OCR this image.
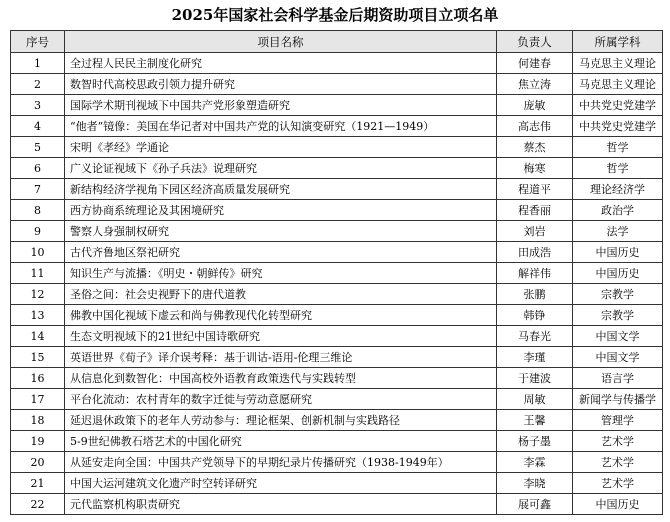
2025年国家社会科学基金后期资助项目立项名单
序号	项目名称	负责人	所属学科
1	全过程人民民主制度化研究	何建春	马克思主义理论
2	数智时代高校思政引领力提升研究	焦立涛	马克思主义理论
3	国际学术期刊视域下中国共产党形象塑造研究	庞敏	中共党史党建学
4	“他者”镜像：美国在华记者对中国共产党的认知演变研究（1921—1949）	高志伟	中共党史党建学
5	宋明《孝经》学通论	蔡杰	哲学
6	广义论证视域下《孙子兵法》说理研究	梅寒	哲学
7	新结构经济学视角下园区经济高质量发展研究	程道平	理论经济学
8	西方协商系统理论及其困境研究	程香丽	政治学
9	警察人身强制权研究	刘岩	法学
10	古代齐鲁地区祭祀研究	田成浩	中国历史
11	知识生产与流播：《明史・朝鲜传》研究	解祥伟	中国历史
12	圣俗之间：社会史视野下的唐代道教	张鹏	宗教学
13	佛教中国化视域下虚云和尚与佛教现代化转型研究	韩铮	宗教学
14	生态文明视域下的21世纪中国诗歌研究	马春光	中国文学
15	英语世界《荀子》译介误考释：基于训诂-语用-伦理三维论	李瑾	中国文学
16	从信息化到数智化：中国高校外语教育政策迭代与实践转型	于建波	语言学
17	平台化流动：农村青年的数字迁徙与劳动意愿研究	周敏	新闻学与传播学
18	延迟退休政策下的老年人劳动参与：理论框架、创新机制与实践路径	王馨	管理学
19	5-9世纪佛教石塔艺术的中国化研究	杨子墨	艺术学
20	从延安走向全国：中国共产党领导下的早期纪录片传播研究（1938-1949年）	李霖	艺术学
21	中国大运河建筑文化遗产时空转译研究	李晓	艺术学
22	元代监察机构职责研究	展可鑫	中国历史
